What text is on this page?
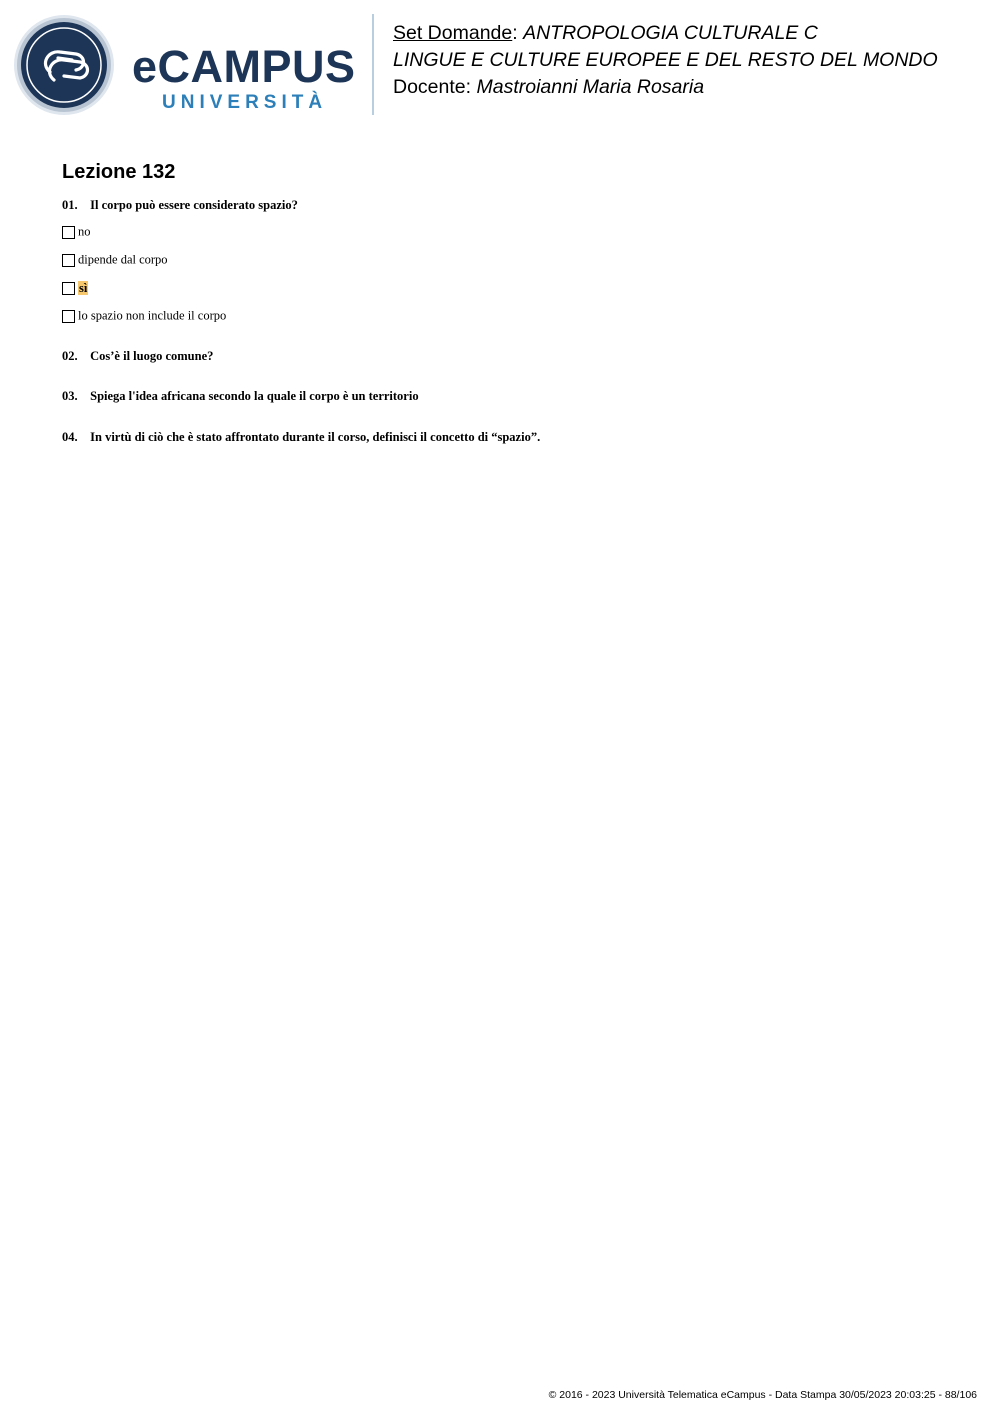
eCAMPUS
UNIVERSITÀ
Set Domande: ANTROPOLOGIA CULTURALE C
LINGUE E CULTURE EUROPEE E DEL RESTO DEL MONDO
Docente: Mastroianni Maria Rosaria
Lezione 132
01. Il corpo può essere considerato spazio?
no
dipende dal corpo
sì
lo spazio non include il corpo
02. Cos’è il luogo comune?
03. Spiega l'idea africana secondo la quale il corpo è un territorio
04. In virtù di ciò che è stato affrontato durante il corso, definisci il concetto di “spazio”.
© 2016 - 2023 Università Telematica eCampus - Data Stampa 30/05/2023 20:03:25 - 88/106
